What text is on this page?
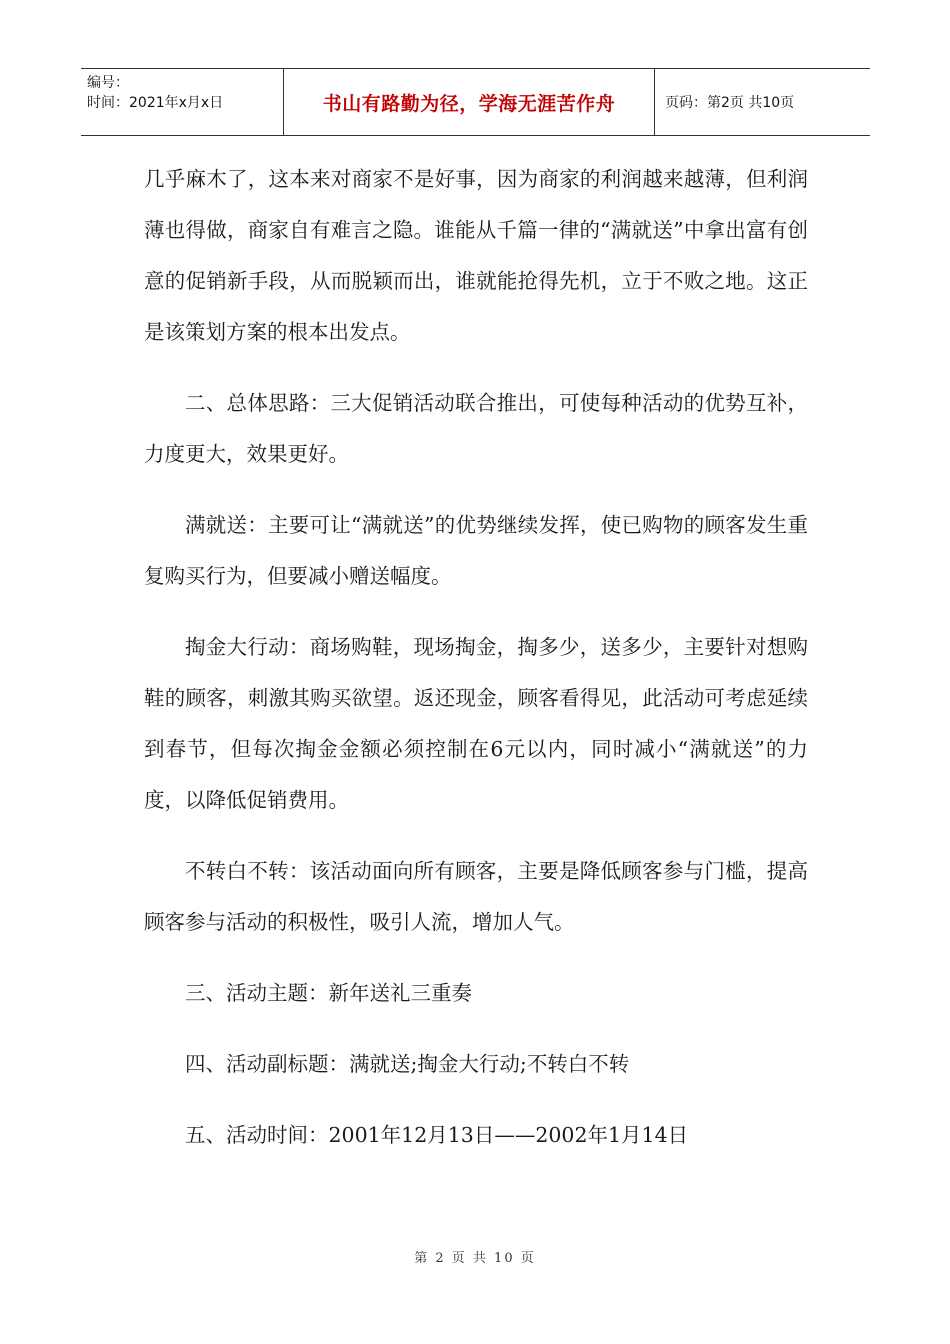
编号：
时间：2021年x月x日	书山有路勤为径，学海无涯苦作舟	页码：第2页 共10页

几乎麻木了，这本来对商家不是好事，因为商家的利润越来越薄，但利润薄也得做，商家自有难言之隐。谁能从千篇一律的“满就送”中拿出富有创意的促销新手段，从而脱颖而出，谁就能抢得先机，立于不败之地。这正是该策划方案的根本出发点。

二、总体思路：三大促销活动联合推出，可使每种活动的优势互补，力度更大，效果更好。

满就送：主要可让“满就送”的优势继续发挥，使已购物的顾客发生重复购买行为，但要减小赠送幅度。

掏金大行动：商场购鞋，现场掏金，掏多少，送多少，主要针对想购鞋的顾客，刺激其购买欲望。返还现金，顾客看得见，此活动可考虑延续到春节，但每次掏金金额必须控制在6元以内，同时减小“满就送”的力度，以降低促销费用。

不转白不转：该活动面向所有顾客，主要是降低顾客参与门槛，提高顾客参与活动的积极性，吸引人流，增加人气。

三、活动主题：新年送礼三重奏

四、活动副标题：满就送;掏金大行动;不转白不转

五、活动时间：2001年12月13日——2002年1月14日

第 2 页 共 10 页
